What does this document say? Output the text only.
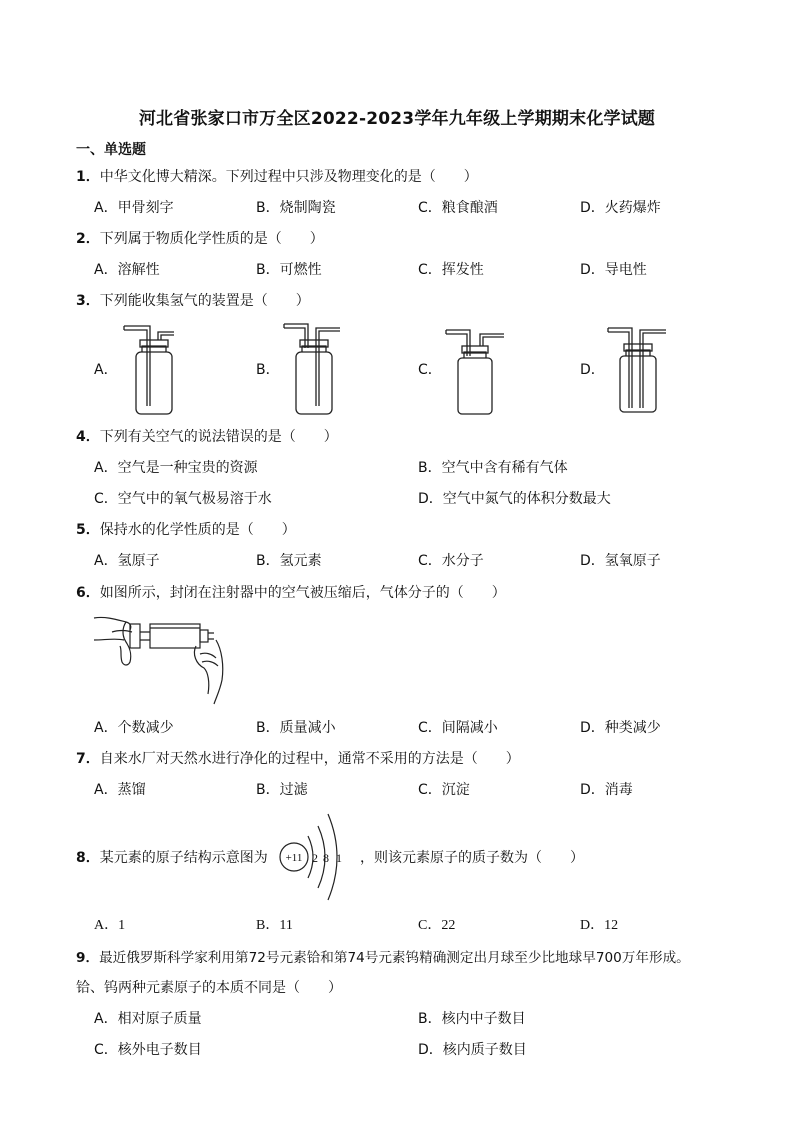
河北省张家口市万全区2022-2023学年九年级上学期期末化学试题
一、单选题
1．中华文化博大精深。下列过程中只涉及物理变化的是（　　）
A．甲骨刻字	B．烧制陶瓷	C．粮食酿酒	D．火药爆炸
2．下列属于物质化学性质的是（　　）
A．溶解性	B．可燃性	C．挥发性	D．导电性
3．下列能收集氢气的装置是（　　）
A．	B．	C．	D．
4．下列有关空气的说法错误的是（　　）
A．空气是一种宝贵的资源	B．空气中含有稀有气体
C．空气中的氧气极易溶于水	D．空气中氮气的体积分数最大
5．保持水的化学性质的是（　　）
A．氢原子	B．氢元素	C．水分子	D．氢氧原子
6．如图所示，封闭在注射器中的空气被压缩后，气体分子的（　　）
A．个数减少	B．质量减小	C．间隔减小	D．种类减少
7．自来水厂对天然水进行净化的过程中，通常不采用的方法是（　　）
A．蒸馏	B．过滤	C．沉淀	D．消毒
8．某元素的原子结构示意图为	，则该元素原子的质子数为（　　）
+11 2 8 1
A．1	B．11	C．22	D．12
9．最近俄罗斯科学家利用第72号元素铪和第74号元素钨精确测定出月球至少比地球早700万年形成。
铪、钨两种元素原子的本质不同是（　　）
A．相对原子质量	B．核内中子数目
C．核外电子数目	D．核内质子数目
